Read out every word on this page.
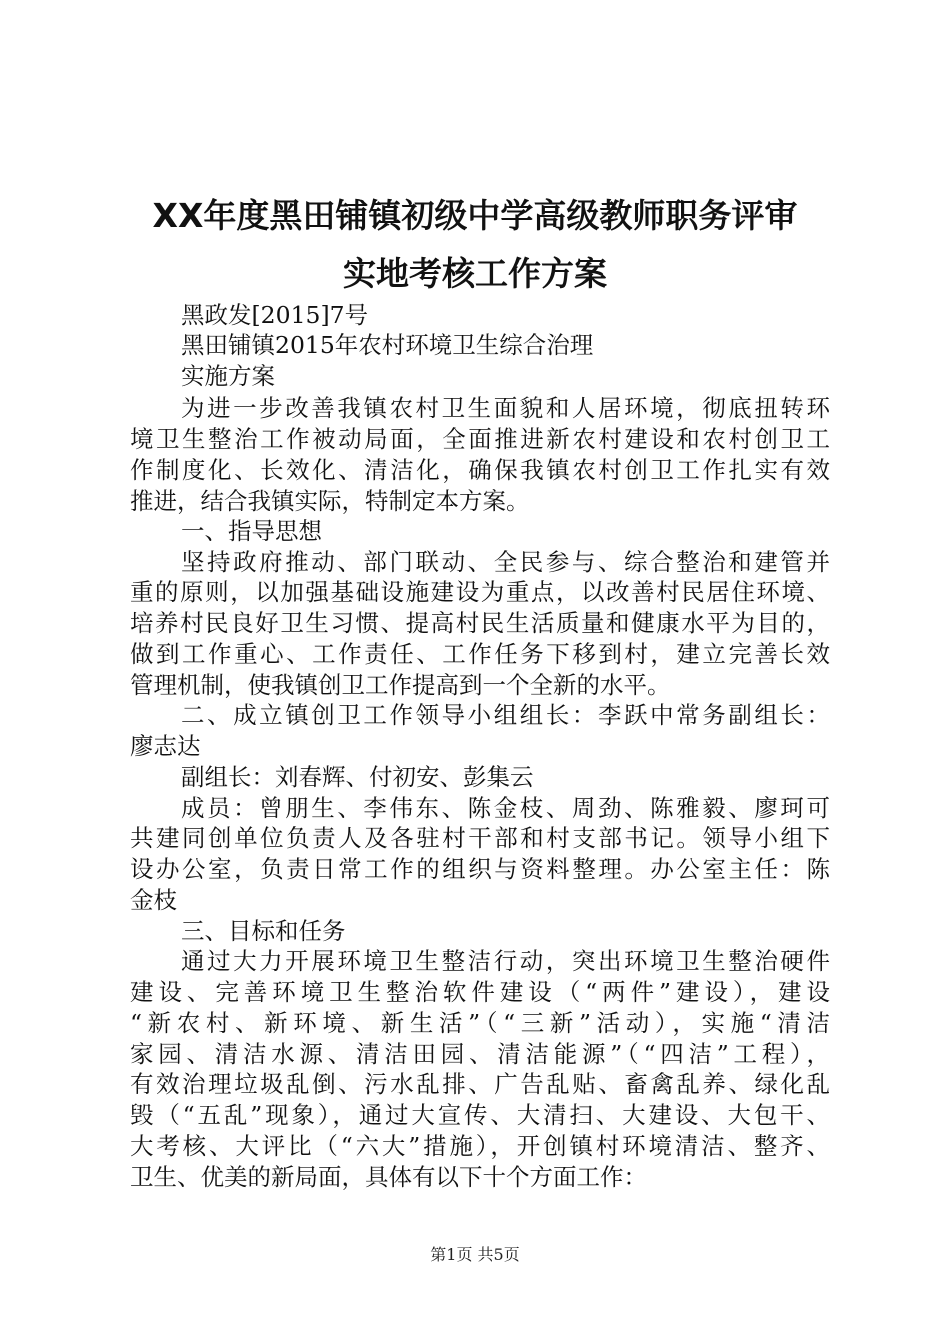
XX年度黑田铺镇初级中学高级教师职务评审
实地考核工作方案

黑政发[2015]7号

黑田铺镇2015年农村环境卫生综合治理

实施方案

为进一步改善我镇农村卫生面貌和人居环境，彻底扭转环

境卫生整治工作被动局面，全面推进新农村建设和农村创卫工

作制度化、长效化、清洁化，确保我镇农村创卫工作扎实有效

推进，结合我镇实际，特制定本方案。

一、指导思想

坚持政府推动、部门联动、全民参与、综合整治和建管并

重的原则，以加强基础设施建设为重点，以改善村民居住环境、

培养村民良好卫生习惯、提高村民生活质量和健康水平为目的，

做到工作重心、工作责任、工作任务下移到村，建立完善长效

管理机制，使我镇创卫工作提高到一个全新的水平。

二、成立镇创卫工作领导小组组长：李跃中常务副组长：

廖志达

副组长：刘春辉、付初安、彭集云

成员：曾朋生、李伟东、陈金枝、周劲、陈雅毅、廖珂可

共建同创单位负责人及各驻村干部和村支部书记。领导小组下

设办公室，负责日常工作的组织与资料整理。办公室主任：陈

金枝

三、目标和任务

通过大力开展环境卫生整洁行动，突出环境卫生整治硬件

建设、完善环境卫生整治软件建设（“两件”建设），建设

“新农村、新环境、新生活”（“三新”活动），实施“清洁

家园、清洁水源、清洁田园、清洁能源”（“四洁”工程），

有效治理垃圾乱倒、污水乱排、广告乱贴、畜禽乱养、绿化乱

毁（“五乱”现象），通过大宣传、大清扫、大建设、大包干、

大考核、大评比（“六大”措施），开创镇村环境清洁、整齐、

卫生、优美的新局面，具体有以下十个方面工作：

第1页 共5页
